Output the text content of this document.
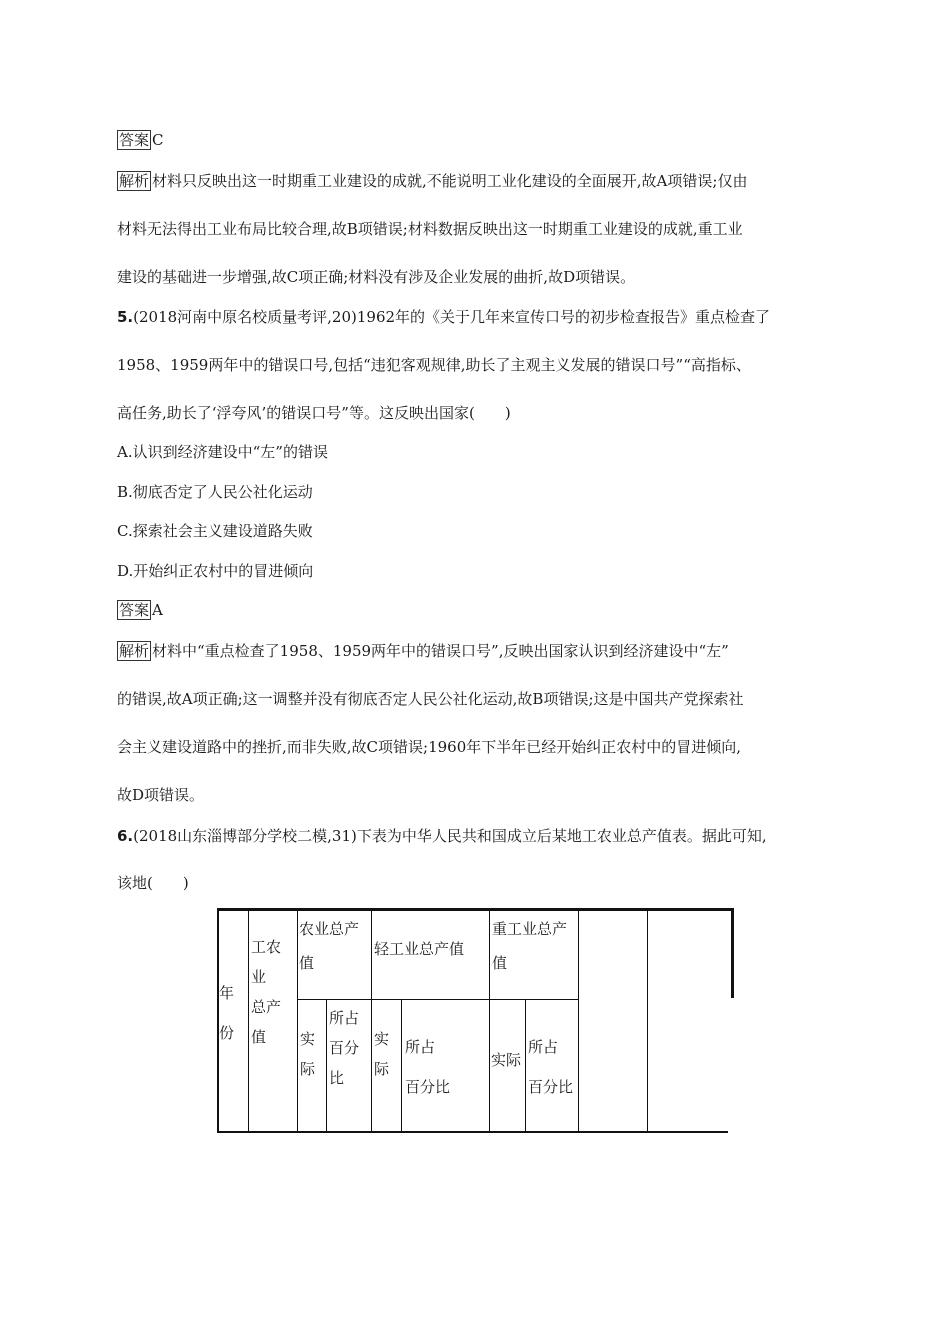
答案 C
解析 材料只反映出这一时期重工业建设的成就,不能说明工业化建设的全面展开,故A项错误;仅由
材料无法得出工业布局比较合理,故B项错误;材料数据反映出这一时期重工业建设的成就,重工业
建设的基础进一步增强,故C项正确;材料没有涉及企业发展的曲折,故D项错误。
5.(2018河南中原名校质量考评,20)1962年的《关于几年来宣传口号的初步检查报告》重点检查了
1958、1959两年中的错误口号,包括“违犯客观规律,助长了主观主义发展的错误口号”“高指标、
高任务,助长了‘浮夸风’的错误口号”等。这反映出国家(　　)
A.认识到经济建设中“左”的错误
B.彻底否定了人民公社化运动
C.探索社会主义建设道路失败
D.开始纠正农村中的冒进倾向
答案 A
解析 材料中“重点检查了1958、1959两年中的错误口号”,反映出国家认识到经济建设中“左”
的错误,故A项正确;这一调整并没有彻底否定人民公社化运动,故B项错误;这是中国共产党探索社
会主义建设道路中的挫折,而非失败,故C项错误;1960年下半年已经开始纠正农村中的冒进倾向,
故D项错误。
6.(2018山东淄博部分学校二模,31)下表为中华人民共和国成立后某地工农业总产值表。据此可知,
该地(　　)
年
份
工农
业
总产
值
农业总产
值
轻工业总产值
重工业总产
值
实
际
所占
百分
比
实
际
所占
百分比
实际
所占
百分比
